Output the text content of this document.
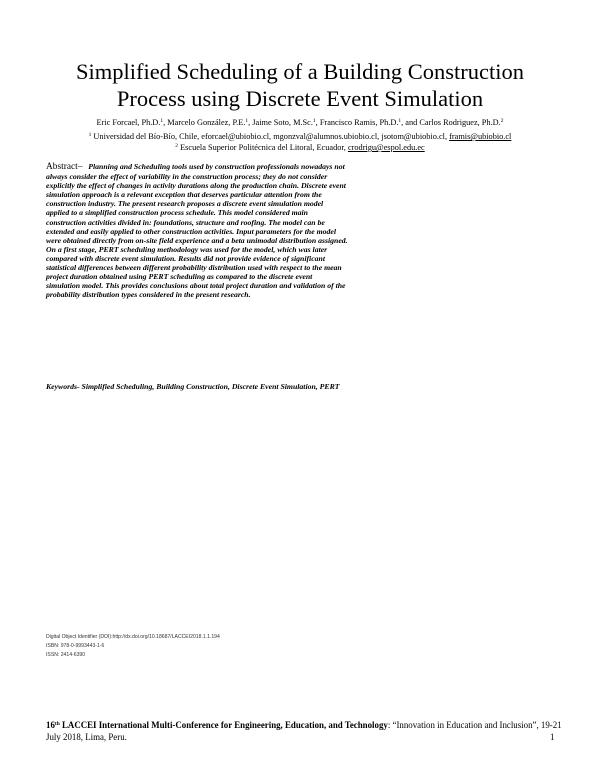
Simplified Scheduling of a Building Construction
Process using Discrete Event Simulation
Eric Forcael, Ph.D.$^1$, Marcelo González, P.E.$^1$, Jaime Soto, M.Sc.$^1$, Francisco Ramis, Ph.D.$^1$, and Carlos Rodriguez, Ph.D.$^2$
$^1$ Universidad del Bío-Bío, Chile, eforcael@ubiobio.cl, mgonzval@alumnos.ubiobio.cl, jsotom@ubiobio.cl, framis@ubiobio.cl
$^2$ Escuela Superior Politécnica del Litoral, Ecuador, crodrigu@espol.edu.ec
Abstract– Planning and Scheduling tools used by construction professionals nowadays not always consider the effect of variability in the construction process; they do not consider explicitly the effect of changes in activity durations along the production chain. Discrete event simulation approach is a relevant exception that deserves particular attention from the construction industry. The present research proposes a discrete event simulation model applied to a simplified construction process schedule. This model considered main construction activities divided in: foundations, structure and roofing. The model can be extended and easily applied to other construction activities. Input parameters for the model were obtained directly from on-site field experience and a beta unimodal distribution assigned. On a first stage, PERT scheduling methodology was used for the model, which was later compared with discrete event simulation. Results did not provide evidence of significant statistical differences between different probability distribution used with respect to the mean project duration obtained using PERT scheduling as compared to the discrete event simulation model. This provides conclusions about total project duration and validation of the probability distribution types considered in the present research.
Keywords- Simplified Scheduling, Building Construction, Discrete Event Simulation, PERT
Digital Object Identifier (DOI):http://dx.doi.org/10.18687/LACCEI2018.1.1.194
ISBN: 978-0-9993443-1-6
ISSN: 2414-6390
16th LACCEI International Multi-Conference for Engineering, Education, and Technology: “Innovation in Education and Inclusion”, 19-21 July 2018, Lima, Peru.	1
